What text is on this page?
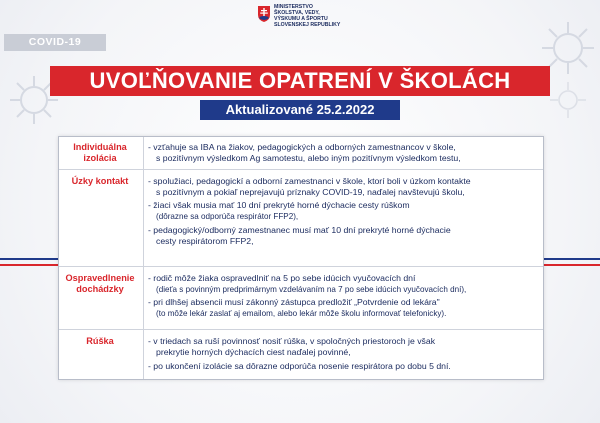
MINISTERSTVO
ŠKOLSTVA, VEDY,
VÝSKUMU A ŠPORTU
SLOVENSKEJ REPUBLIKY
COVID-19
UVOĽŇOVANIE OPATRENÍ V ŠKOLÁCH
Aktualizované 25.2.2022
Individuálna
izolácia
- vzťahuje sa IBA na žiakov, pedagogických a odborných zamestnancov v škole,
s pozitívnym výsledkom Ag samotestu, alebo iným pozitívnym výsledkom testu,
Úzky kontakt	- spolužiaci, pedagogickí a odborní zamestnanci v škole, ktorí boli v úzkom kontakte
s pozitívnym a pokiaľ neprejavujú príznaky COVID-19, naďalej navštevujú školu,
- žiaci však musia mať 10 dní prekryté horné dýchacie cesty rúškom
(dôrazne sa odporúča respirátor FFP2),
- pedagogický/odborný zamestnanec musí mať 10 dní prekryté horné dýchacie
cesty respirátorom FFP2,
Ospravedlnenie
dochádzky
- rodič môže žiaka ospravedlniť na 5 po sebe idúcich vyučovacích dní
(dieťa s povinným predprimárnym vzdelávaním na 7 po sebe idúcich vyučovacích dní),
- pri dlhšej absencii musí zákonný zástupca predložiť „Potvrdenie od lekára"
(to môže lekár zaslať aj emailom, alebo lekár môže školu informovať telefonicky).
Rúška	- v triedach sa ruší povinnosť nosiť rúška, v spoločných priestoroch je však
prekrytie horných dýchacích ciest naďalej povinné,
- po ukončení izolácie sa dôrazne odporúča nosenie respirátora po dobu 5 dní.
